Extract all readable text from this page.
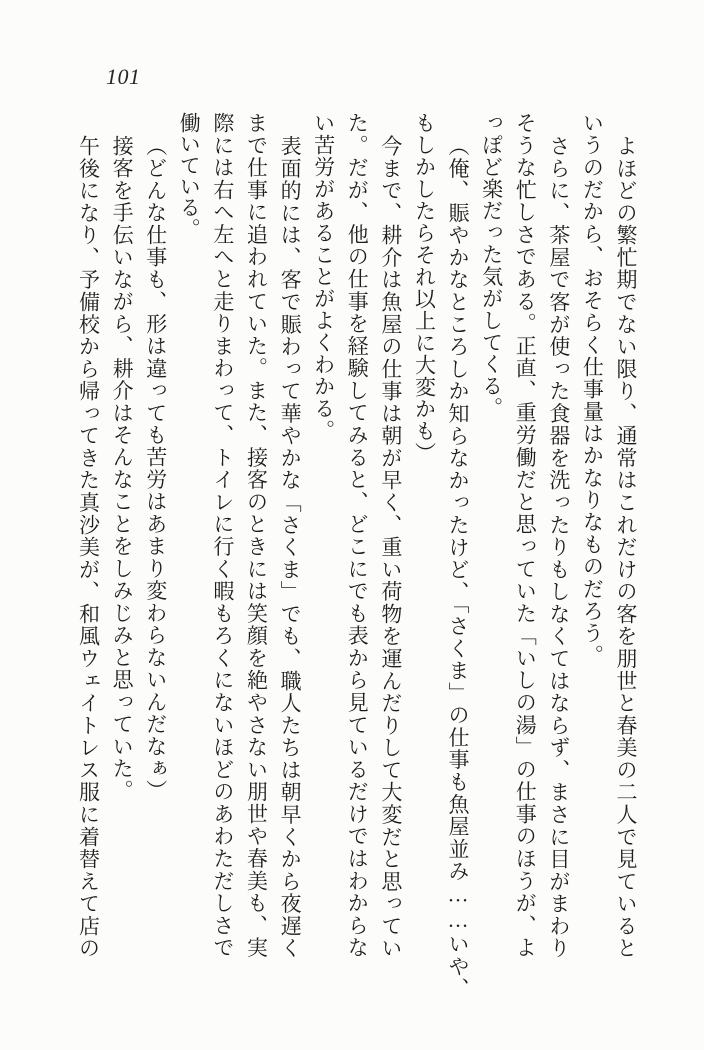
101
よほどの繁忙期でない限り、通常はこれだけの客を朋世と春美の二人で見ていると
いうのだから、おそらく仕事量はかなりなものだろう。
さらに、茶屋で客が使った食器を洗ったりもしなくてはならず、まさに目がまわり
そうな忙しさである。正直、重労働だと思っていた「いしの湯」の仕事のほうが、よ
っぽど楽だった気がしてくる。
（俺、賑やかなところしか知らなかったけど、「さくま」の仕事も魚屋並み……いや、
もしかしたらそれ以上に大変かも）
今まで、耕介は魚屋の仕事は朝が早く、重い荷物を運んだりして大変だと思ってい
た。だが、他の仕事を経験してみると、どこにでも表から見ているだけではわからな
い苦労があることがよくわかる。
表面的には、客で賑わって華やかな「さくま」でも、職人たちは朝早くから夜遅く
まで仕事に追われていた。また、接客のときには笑顔を絶やさない朋世や春美も、実
際には右へ左へと走りまわって、トイレに行く暇もろくにないほどのあわただしさで
働いている。
（どんな仕事も、形は違っても苦労はあまり変わらないんだなぁ）
接客を手伝いながら、耕介はそんなことをしみじみと思っていた。
午後になり、予備校から帰ってきた真沙美が、和風ウェイトレス服に着替えて店の
